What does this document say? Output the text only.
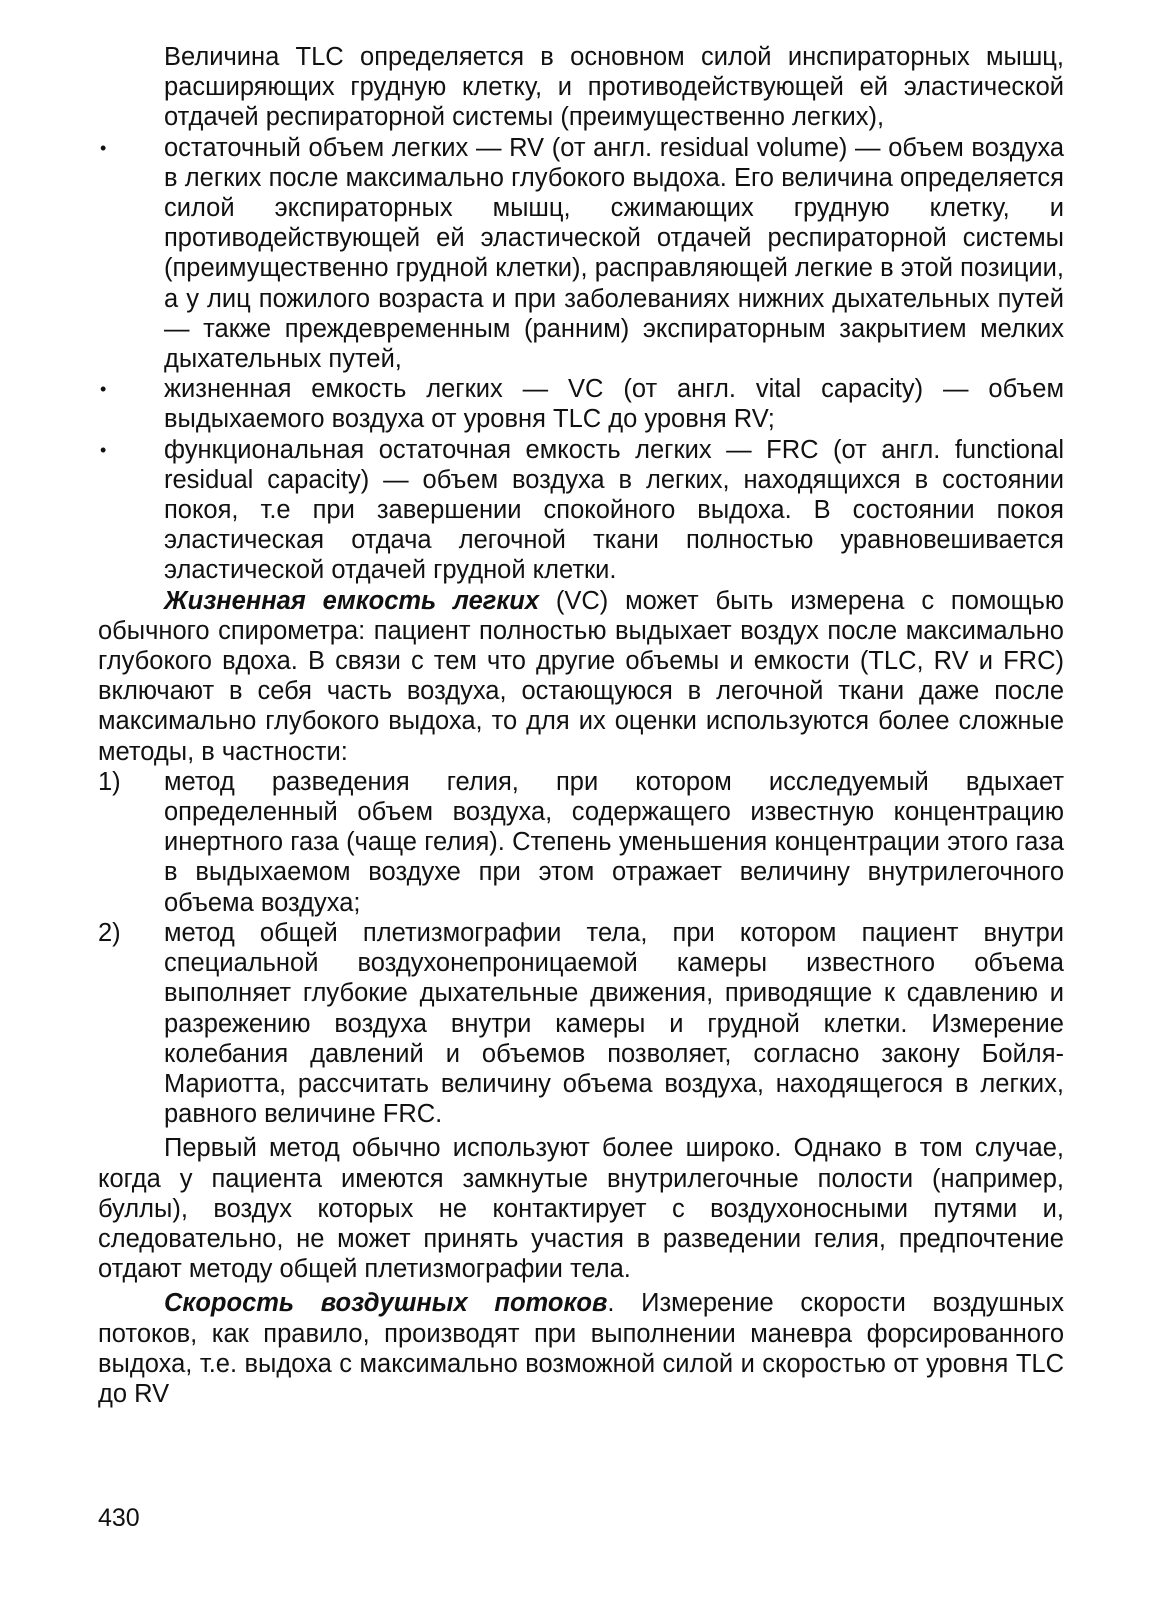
Величина TLC определяется в основном силой инспираторных мышц, расширяющих грудную клетку, и противодействующей ей эластической отдачей респираторной системы (преимущественно легких),

•	остаточный объем легких — RV (от англ. residual volume) — объем воздуха в легких после максимально глубокого выдоха. Его величина определяется силой экспираторных мышц, сжимающих грудную клетку, и противодействующей ей эластической отдачей респираторной системы (преимущественно грудной клетки), расправляющей легкие в этой позиции, а у лиц пожилого возраста и при заболеваниях нижних дыхательных путей — также преждевременным (ранним) экспираторным закрытием мелких дыхательных путей,

•	жизненная емкость легких — VC (от англ. vital capacity) — объем выдыхаемого воздуха от уровня TLC до уровня RV;

•	функциональная остаточная емкость легких — FRC (от англ. functional residual capacity) — объем воздуха в легких, находящихся в состоянии покоя, т.е при завершении спокойного выдоха. В состоянии покоя эластическая отдача легочной ткани полностью уравновешивается эластической отдачей грудной клетки.

Жизненная емкость легких (VC) может быть измерена с помощью обычного спирометра: пациент полностью выдыхает воздух после максимально глубокого вдоха. В связи с тем что другие объемы и емкости (TLC, RV и FRC) включают в себя часть воздуха, остающуюся в легочной ткани даже после максимально глубокого выдоха, то для их оценки используются более сложные методы, в частности:

1)	метод разведения гелия, при котором исследуемый вдыхает определенный объем воздуха, содержащего известную концентрацию инертного газа (чаще гелия). Степень уменьшения концентрации этого газа в выдыхаемом воздухе при этом отражает величину внутрилегочного объема воздуха;

2)	метод общей плетизмографии тела, при котором пациент внутри специальной воздухонепроницаемой камеры известного объема выполняет глубокие дыхательные движения, приводящие к сдавлению и разрежению воздуха внутри камеры и грудной клетки. Измерение колебания давлений и объемов позволяет, согласно закону Бойля-Мариотта, рассчитать величину объема воздуха, находящегося в легких, равного величине FRC.

Первый метод обычно используют более широко. Однако в том случае, когда у пациента имеются замкнутые внутрилегочные полости (например, буллы), воздух которых не контактирует с воздухоносными путями и, следовательно, не может принять участия в разведении гелия, предпочтение отдают методу общей плетизмографии тела.

Скорость воздушных потоков. Измерение скорости воздушных потоков, как правило, производят при выполнении маневра форсированного выдоха, т.е. выдоха с максимально возможной силой и скоростью от уровня TLC до RV

430
